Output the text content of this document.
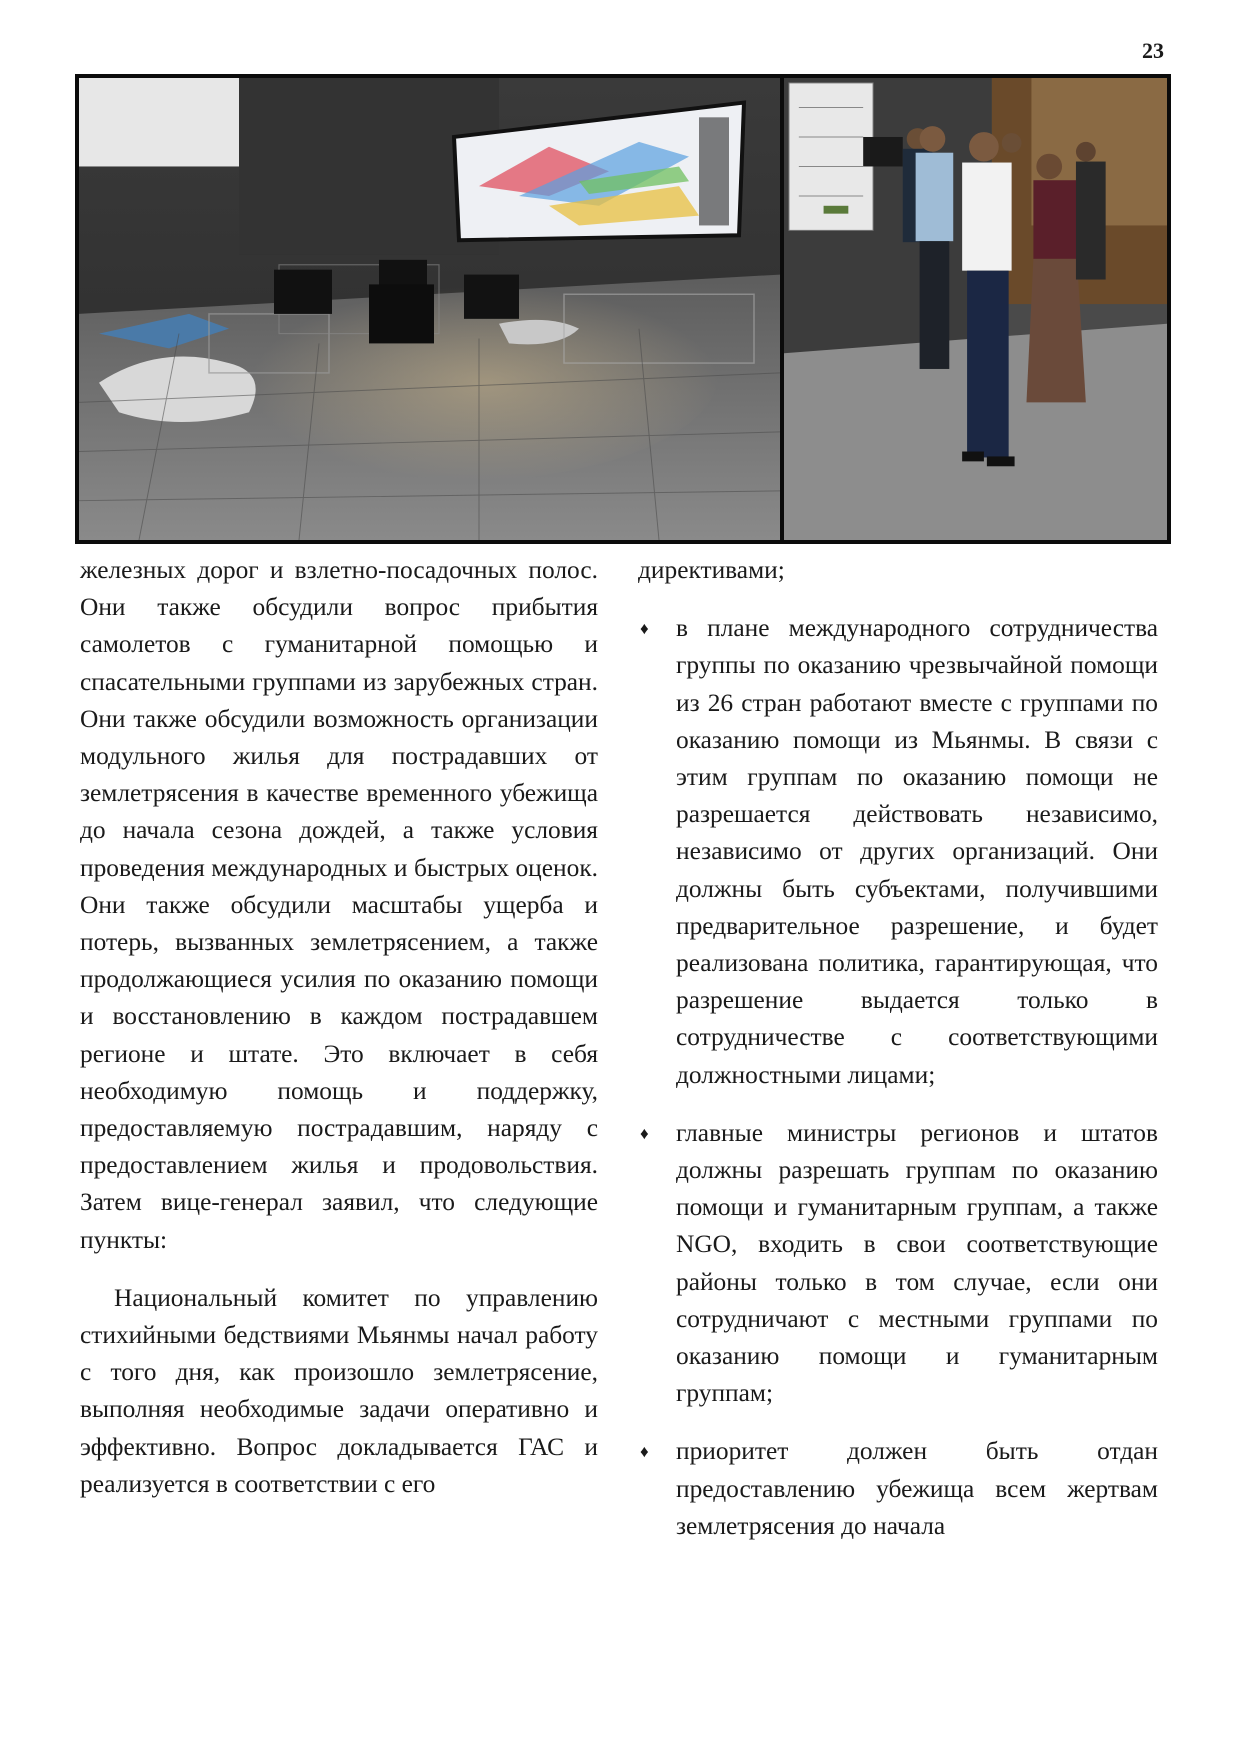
23

железных дорог и взлетно-посадочных полос. Они также обсудили вопрос прибытия самолетов с гуманитарной помощью и спасательными группами из зарубежных стран. Они также обсудили возможность организации модульного жилья для пострадавших от землетрясения в качестве временного убежища до начала сезона дождей, а также условия проведения международных и быстрых оценок. Они также обсудили масштабы ущерба и потерь, вызванных землетрясением, а также продолжающиеся усилия по оказанию помощи и восстановлению в каждом пострадавшем регионе и штате. Это включает в себя необходимую помощь и поддержку, предоставляемую пострадавшим, наряду с предоставлением жилья и продовольствия. Затем вице-генерал заявил, что следующие пункты:

Национальный комитет по управлению стихийными бедствиями Мьянмы начал работу с того дня, как произошло землетрясение, выполняя необходимые задачи оперативно и эффективно. Вопрос докладывается ГАС и реализуется в соответствии с его

директивами;

♦ в плане международного сотрудничества группы по оказанию чрезвычайной помощи из 26 стран работают вместе с группами по оказанию помощи из Мьянмы. В связи с этим группам по оказанию помощи не разрешается действовать независимо, независимо от других организаций. Они должны быть субъектами, получившими предварительное разрешение, и будет реализована политика, гарантирующая, что разрешение выдается только в сотрудничестве с соответствующими должностными лицами;
♦ главные министры регионов и штатов должны разрешать группам по оказанию помощи и гуманитарным группам, а также NGO, входить в свои соответствующие районы только в том случае, если они сотрудничают с местными группами по оказанию помощи и гуманитарным группам;
♦ приоритет должен быть отдан предоставлению убежища всем жертвам землетрясения до начала
